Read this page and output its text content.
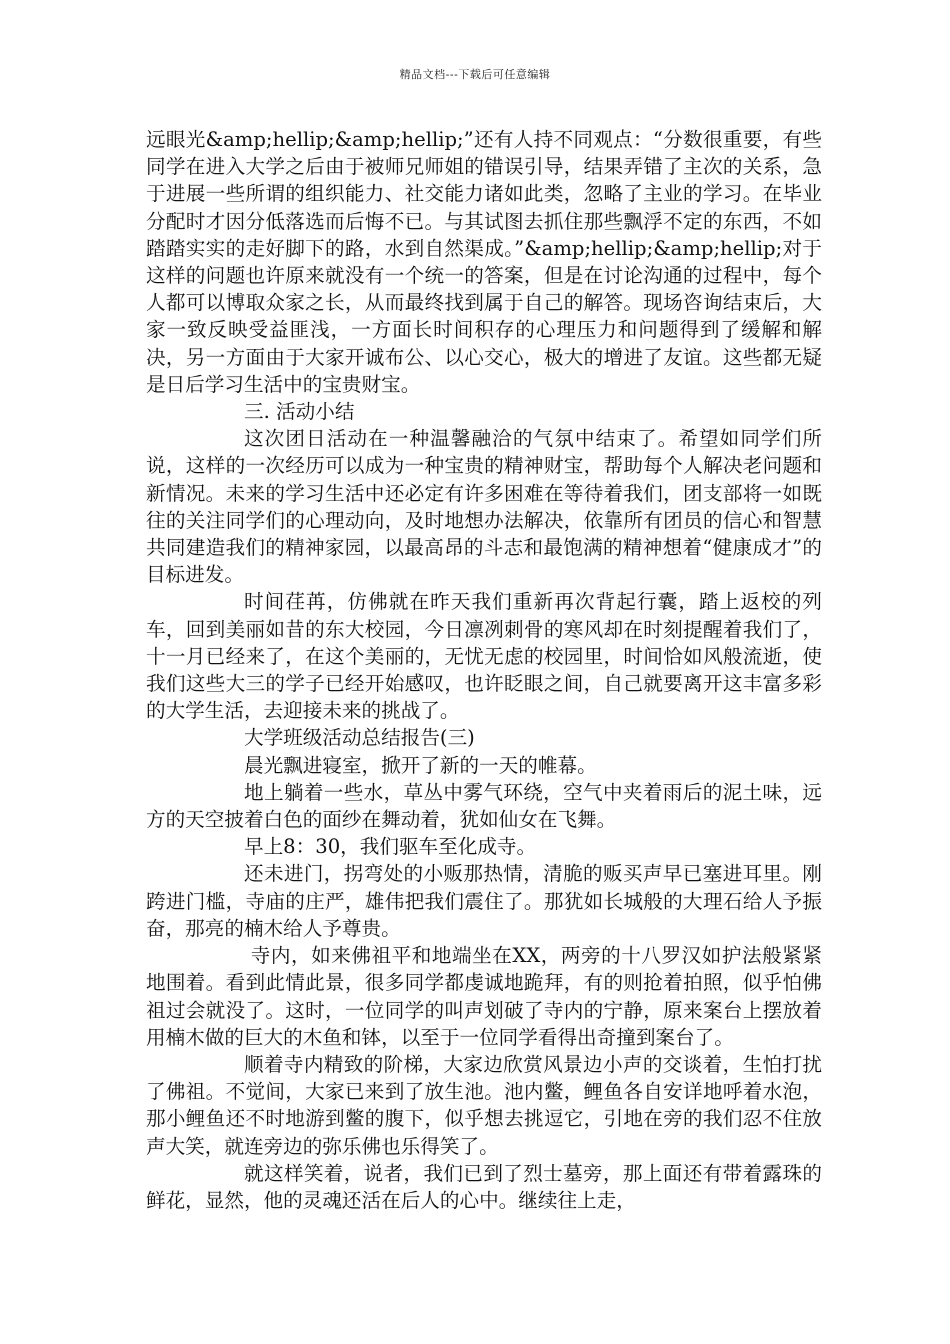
精品文档---下载后可任意编辑

远眼光&amp;hellip;&amp;hellip;”还有人持不同观点：“分数很重要，有些同学在进入大学之后由于被师兄师姐的错误引导，结果弄错了主次的关系，急于进展一些所谓的组织能力、社交能力诸如此类，忽略了主业的学习。在毕业分配时才因分低落选而后悔不已。与其试图去抓住那些飘浮不定的东西，不如踏踏实实的走好脚下的路，水到自然渠成。”&amp;hellip;&amp;hellip;对于这样的问题也许原来就没有一个统一的答案，但是在讨论沟通的过程中，每个人都可以博取众家之长，从而最终找到属于自己的解答。现场咨询结束后，大家一致反映受益匪浅，一方面长时间积存的心理压力和问题得到了缓解和解决，另一方面由于大家开诚布公、以心交心，极大的增进了友谊。这些都无疑是日后学习生活中的宝贵财宝。

三. 活动小结

这次团日活动在一种温馨融洽的气氛中结束了。希望如同学们所说，这样的一次经历可以成为一种宝贵的精神财宝，帮助每个人解决老问题和新情况。未来的学习生活中还必定有许多困难在等待着我们，团支部将一如既往的关注同学们的心理动向，及时地想办法解决，依靠所有团员的信心和智慧共同建造我们的精神家园，以最高昂的斗志和最饱满的精神想着“健康成才”的目标进发。

时间荏苒，仿佛就在昨天我们重新再次背起行囊，踏上返校的列车，回到美丽如昔的东大校园，今日凛冽刺骨的寒风却在时刻提醒着我们了，十一月已经来了，在这个美丽的，无忧无虑的校园里，时间恰如风般流逝，使我们这些大三的学子已经开始感叹，也许眨眼之间，自己就要离开这丰富多彩的大学生活，去迎接未来的挑战了。

大学班级活动总结报告(三)

晨光飘进寝室，掀开了新的一天的帷幕。

地上躺着一些水，草丛中雾气环绕，空气中夹着雨后的泥土味，远方的天空披着白色的面纱在舞动着，犹如仙女在飞舞。

早上8：30，我们驱车至化成寺。

还未进门，拐弯处的小贩那热情，清脆的贩买声早已塞进耳里。刚跨进门槛，寺庙的庄严，雄伟把我们震住了。那犹如长城般的大理石给人予振奋，那亮的楠木给人予尊贵。

寺内，如来佛祖平和地端坐在XX，两旁的十八罗汉如护法般紧紧地围着。看到此情此景，很多同学都虔诚地跪拜，有的则抢着拍照，似乎怕佛祖过会就没了。这时，一位同学的叫声划破了寺内的宁静，原来案台上摆放着用楠木做的巨大的木鱼和钵，以至于一位同学看得出奇撞到案台了。

顺着寺内精致的阶梯，大家边欣赏风景边小声的交谈着，生怕打扰了佛祖。不觉间，大家已来到了放生池。池内鳖，鲤鱼各自安详地呼着水泡，那小鲤鱼还不时地游到鳖的腹下，似乎想去挑逗它，引地在旁的我们忍不住放声大笑，就连旁边的弥乐佛也乐得笑了。

就这样笑着，说者，我们已到了烈士墓旁，那上面还有带着露珠的鲜花，显然，他的灵魂还活在后人的心中。继续往上走，
